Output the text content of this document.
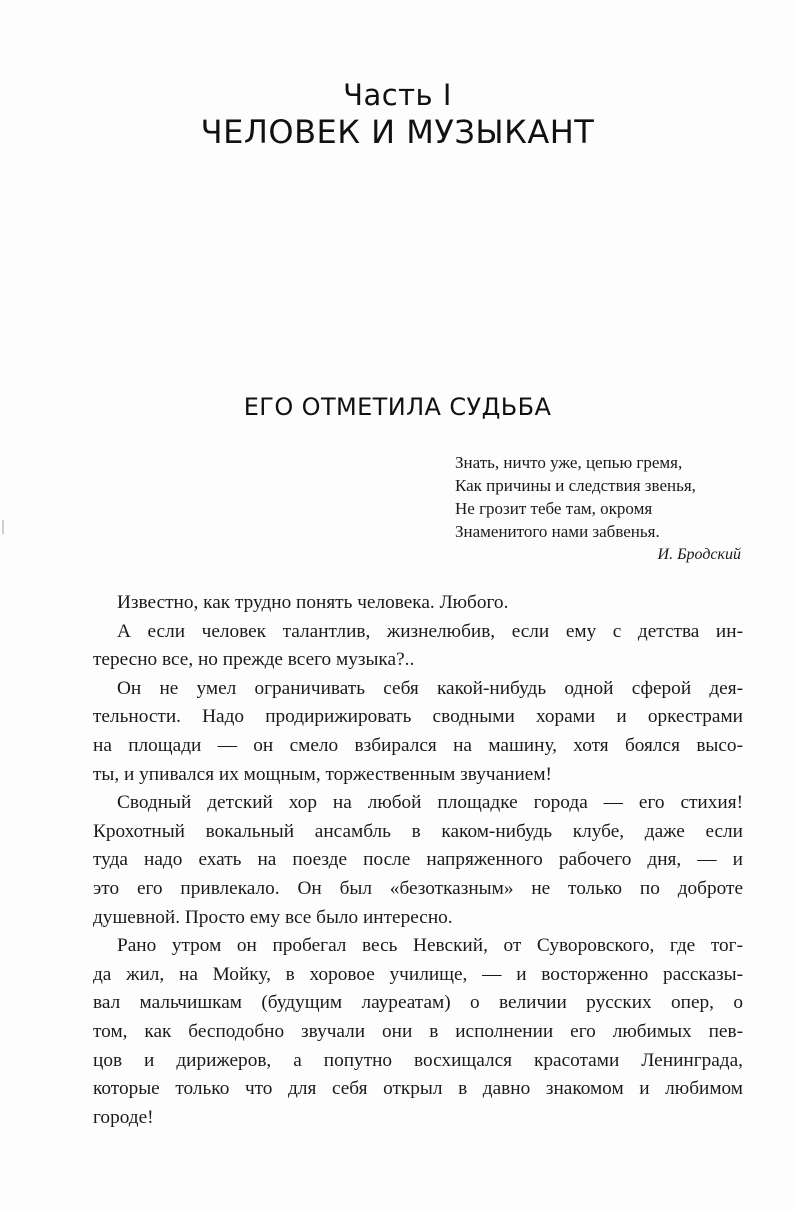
Часть I
ЧЕЛОВЕК И МУЗЫКАНТ
ЕГО ОТМЕТИЛА СУДЬБА
Знать, ничто уже, цепью гремя,
Как причины и следствия звенья,
Не грозит тебе там, окромя
Знаменитого нами забвенья.
И. Бродский
Известно, как трудно понять человека. Любого.
А если человек талантлив, жизнелюбив, если ему с детства ин-
тересно все, но прежде всего музыка?..
Он не умел ограничивать себя какой-нибудь одной сферой дея-
тельности. Надо продирижировать сводными хорами и оркестрами
на площади — он смело взбирался на машину, хотя боялся высо-
ты, и упивался их мощным, торжественным звучанием!
Сводный детский хор на любой площадке города — его стихия!
Крохотный вокальный ансамбль в каком-нибудь клубе, даже если
туда надо ехать на поезде после напряженного рабочего дня, — и
это его привлекало. Он был «безотказным» не только по доброте
душевной. Просто ему все было интересно.
Рано утром он пробегал весь Невский, от Суворовского, где тог-
да жил, на Мойку, в хоровое училище, — и восторженно рассказы-
вал мальчишкам (будущим лауреатам) о величии русских опер, о
том, как бесподобно звучали они в исполнении его любимых пев-
цов и дирижеров, а попутно восхищался красотами Ленинграда,
которые только что для себя открыл в давно знакомом и любимом
городе!
